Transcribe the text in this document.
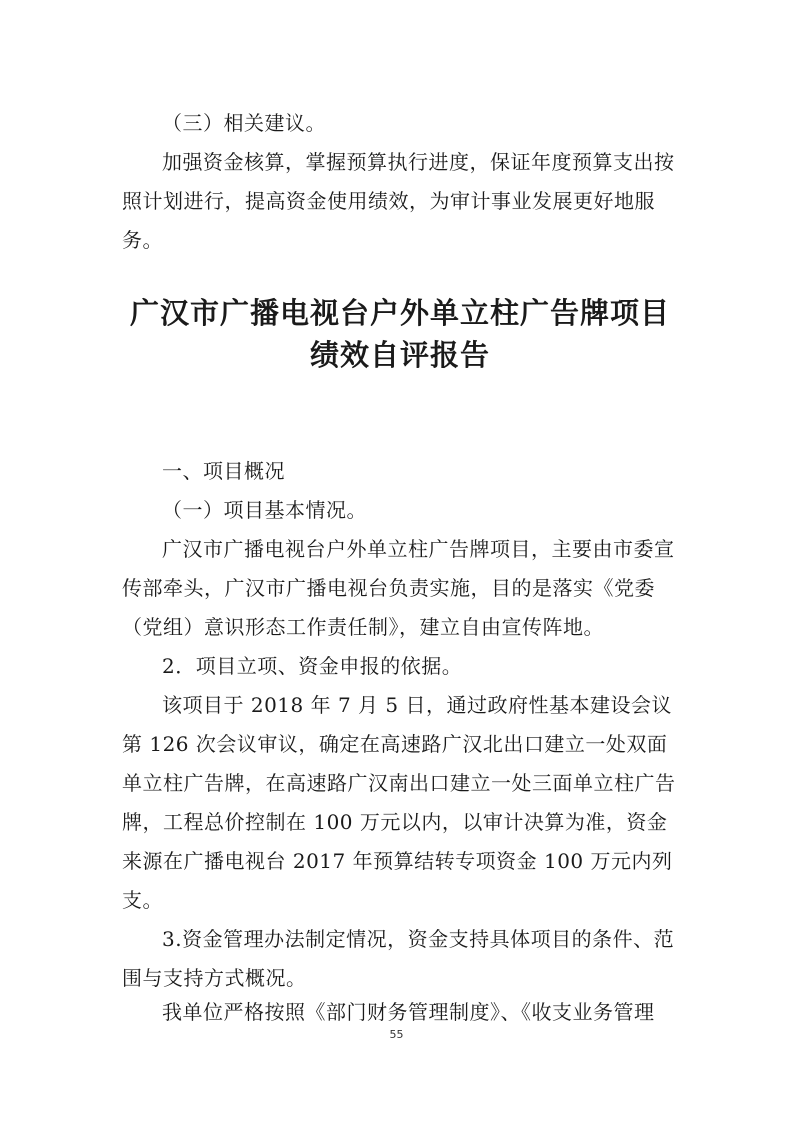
（三）相关建议。
加强资金核算，掌握预算执行进度，保证年度预算支出按照计划进行，提高资金使用绩效，为审计事业发展更好地服务。
广汉市广播电视台户外单立柱广告牌项目
绩效自评报告
一、项目概况
（一）项目基本情况。
广汉市广播电视台户外单立柱广告牌项目，主要由市委宣传部牵头，广汉市广播电视台负责实施，目的是落实《党委（党组）意识形态工作责任制》，建立自由宣传阵地。
2．项目立项、资金申报的依据。
该项目于 2018 年 7 月 5 日，通过政府性基本建设会议第 126 次会议审议，确定在高速路广汉北出口建立一处双面单立柱广告牌，在高速路广汉南出口建立一处三面单立柱广告牌，工程总价控制在 100 万元以内，以审计决算为准，资金来源在广播电视台 2017 年预算结转专项资金 100 万元内列支。
3.资金管理办法制定情况，资金支持具体项目的条件、范围与支持方式概况。
我单位严格按照《部门财务管理制度》、《收支业务管理
55
